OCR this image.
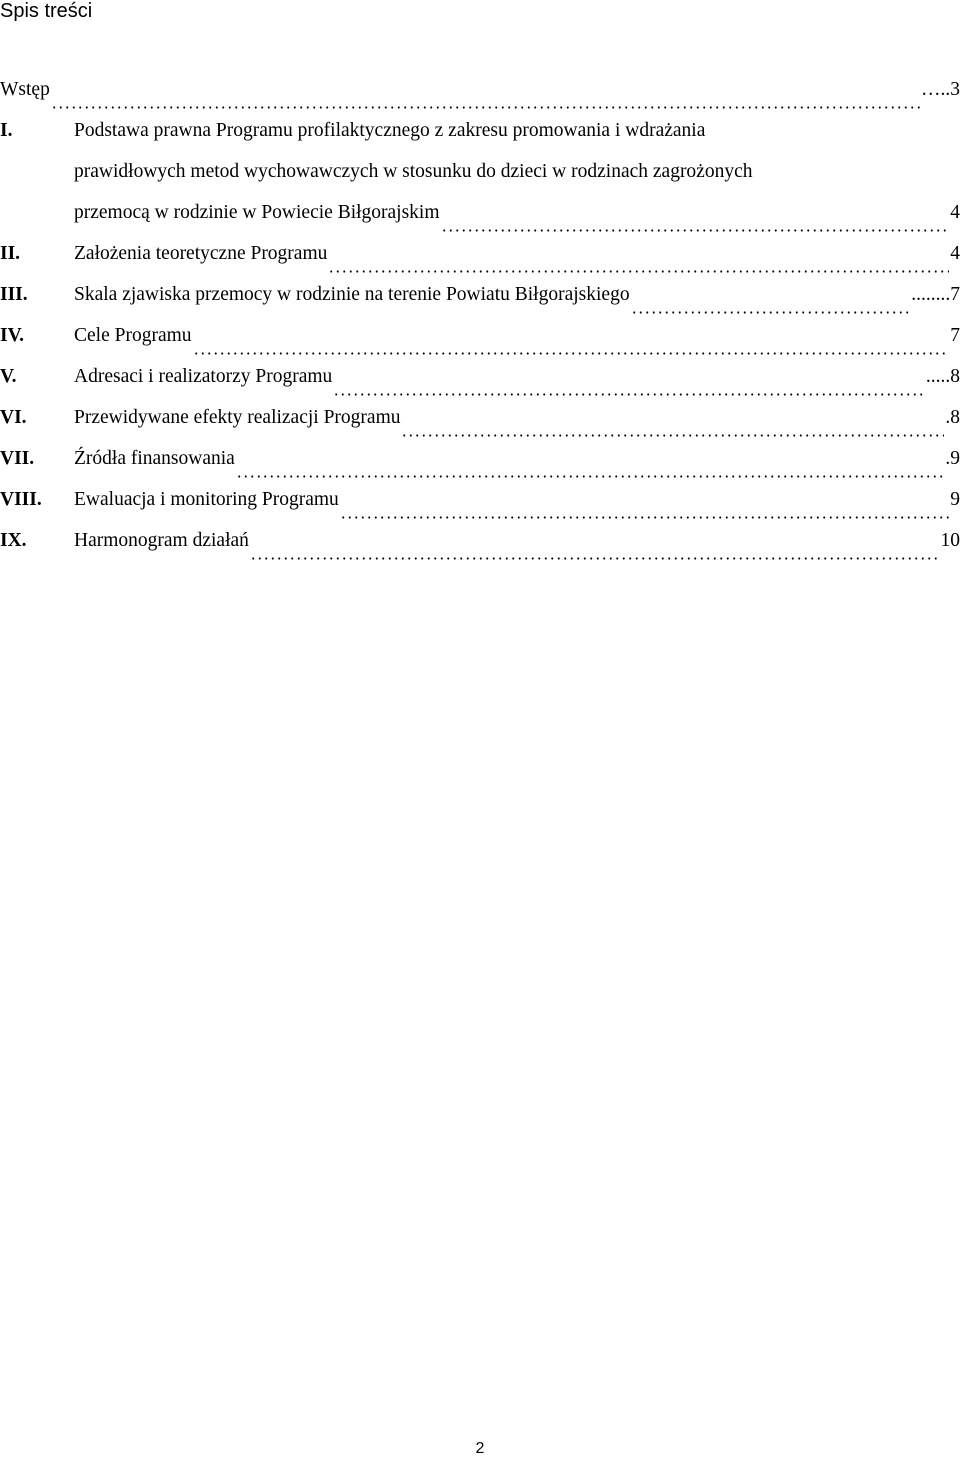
Spis treści
Wstęp	…..3
I.	Podstawa prawna Programu profilaktycznego z zakresu promowania i wdrażania
prawidłowych metod wychowawczych w stosunku do dzieci w rodzinach zagrożonych
przemocą w rodzinie w Powiecie Biłgorajskim	4
II.	Założenia teoretyczne Programu	4
III.	Skala zjawiska przemocy w rodzinie na terenie Powiatu Biłgorajskiego	........7
IV.	Cele Programu	7
V.	Adresaci i realizatorzy Programu	.....8
VI.	Przewidywane efekty realizacji Programu	.8
VII.	Źródła finansowania	.9
VIII.	Ewaluacja i monitoring Programu	9
IX.	Harmonogram działań	10
2
